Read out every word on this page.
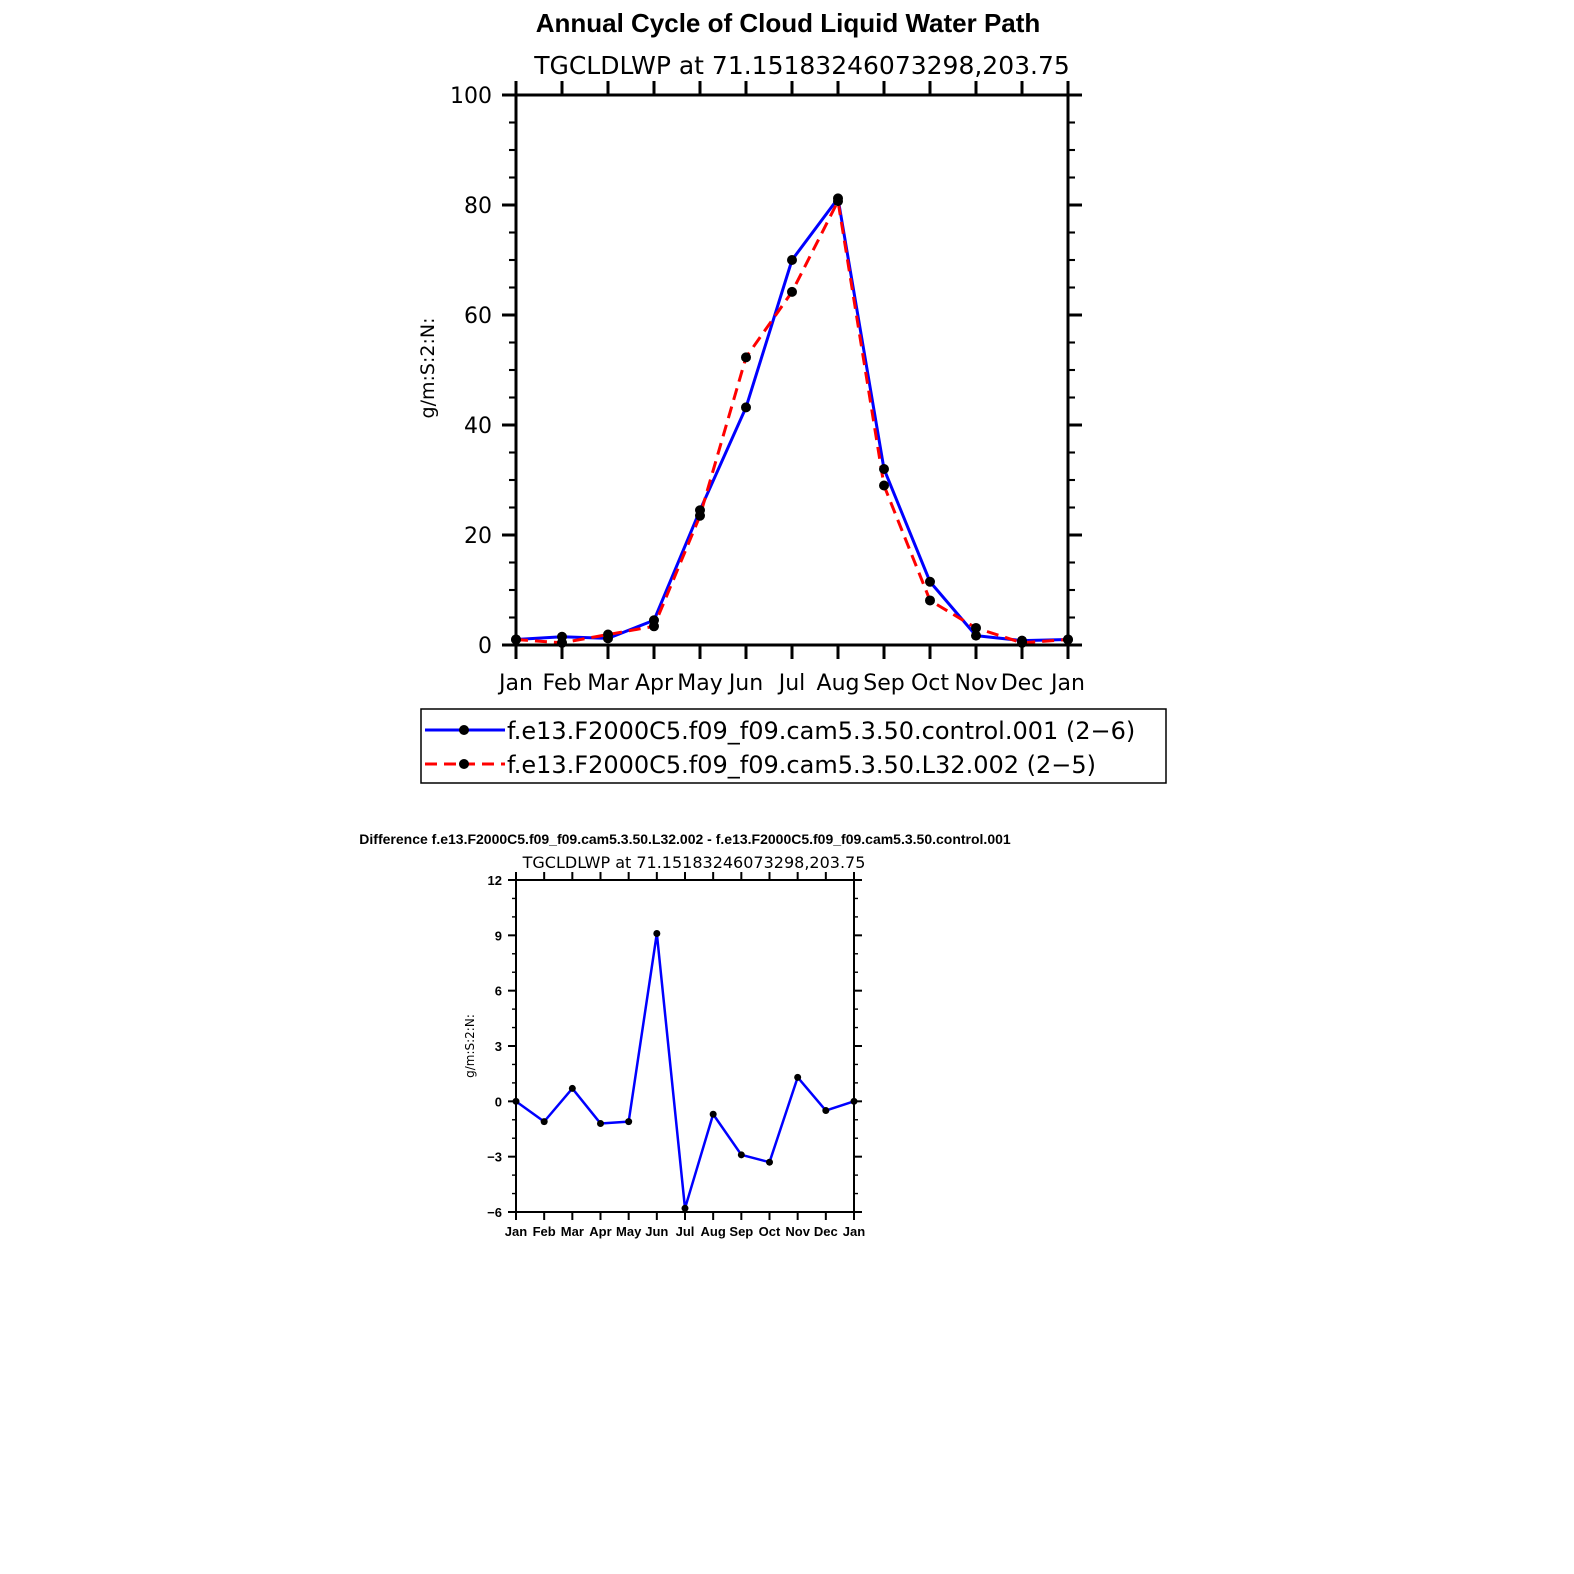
Annual Cycle of Cloud Liquid Water Path
TGCLDLWP at 71.15183246073298,203.75
0
20
40
60
80
100
Jan Feb Mar Apr May Jun Jul Aug Sep Oct Nov Dec Jan
g/m:S:2:N:
f.e13.F2000C5.f09_f09.cam5.3.50.control.001 (2−6)
f.e13.F2000C5.f09_f09.cam5.3.50.L32.002 (2−5)
Difference f.e13.F2000C5.f09_f09.cam5.3.50.L32.002 - f.e13.F2000C5.f09_f09.cam5.3.50.control.001
TGCLDLWP at 71.15183246073298,203.75
−6
−3
0
3
6
9
12
Jan Feb Mar Apr May Jun Jul Aug Sep Oct Nov Dec Jan
g/m:S:2:N:
